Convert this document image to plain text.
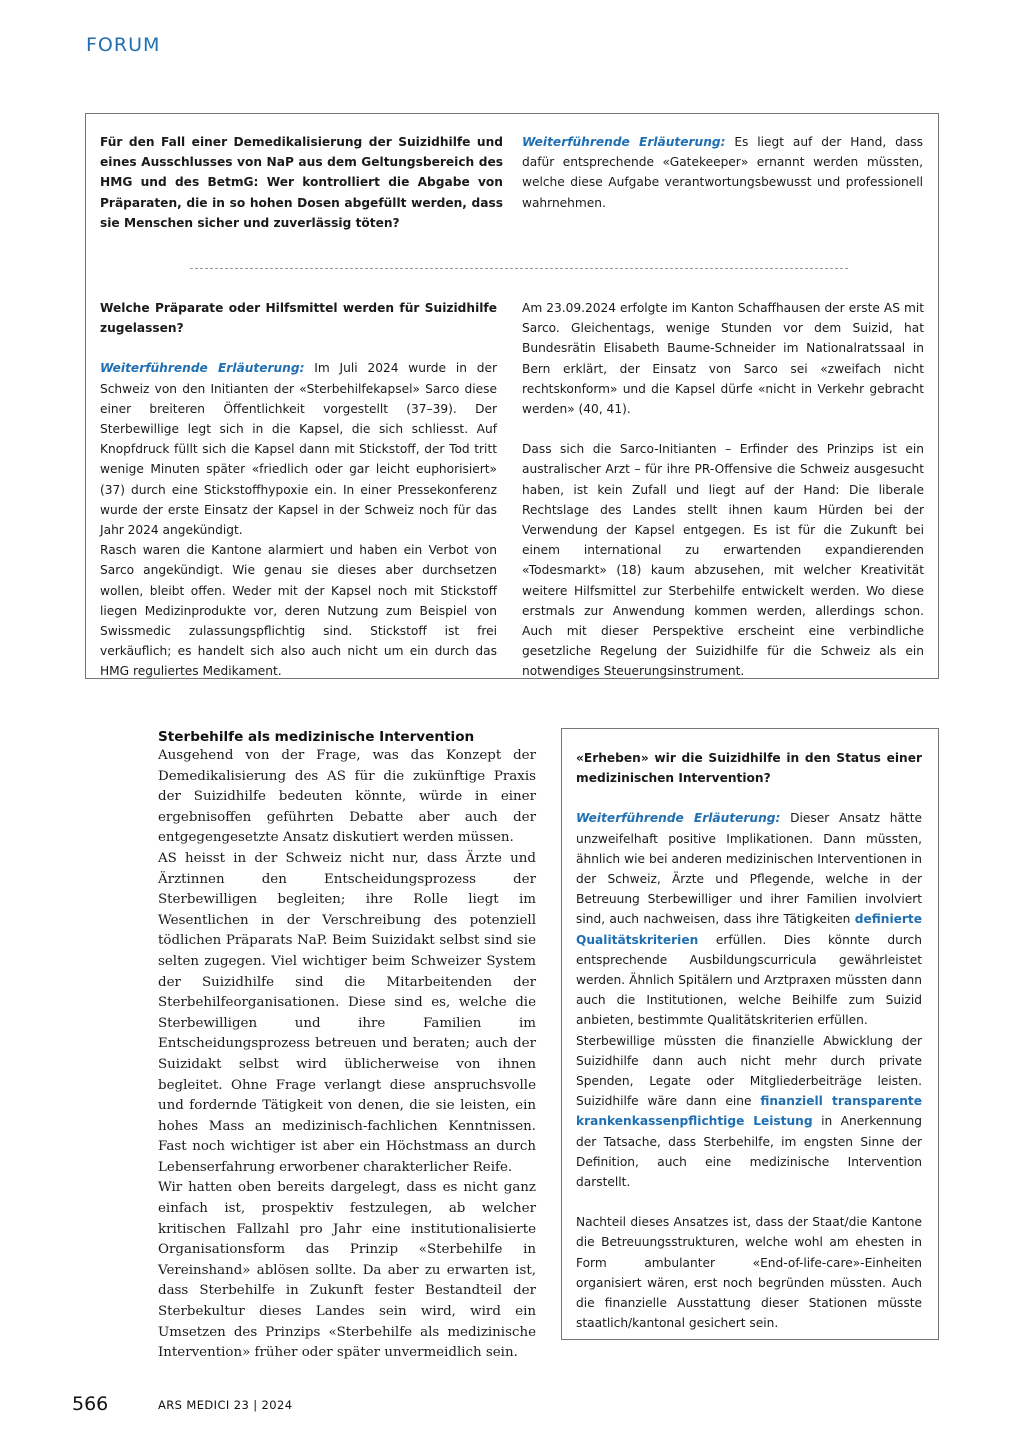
FORUM

Für den Fall einer Demedikalisierung der Suizidhilfe und eines Ausschlusses von NaP aus dem Geltungsbereich des HMG und des BetmG: Wer kontrolliert die Abgabe von Präparaten, die in so hohen Dosen abgefüllt werden, dass sie Menschen sicher und zuverlässig töten?

Weiterführende Erläuterung: Es liegt auf der Hand, dass dafür entsprechende «Gatekeeper» ernannt werden müssten, welche diese Aufgabe verantwortungsbewusst und professionell wahrnehmen.

Welche Präparate oder Hilfsmittel werden für Suizidhilfe zugelassen?

Weiterführende Erläuterung: Im Juli 2024 wurde in der Schweiz von den Initianten der «Sterbehilfekapsel» Sarco diese einer breiteren Öffentlichkeit vorgestellt (37–39). Der Sterbewillige legt sich in die Kapsel, die sich schliesst. Auf Knopfdruck füllt sich die Kapsel dann mit Stickstoff, der Tod tritt wenige Minuten später «friedlich oder gar leicht euphorisiert» (37) durch eine Stickstoffhypoxie ein. In einer Pressekonferenz wurde der erste Einsatz der Kapsel in der Schweiz noch für das Jahr 2024 angekündigt.

Rasch waren die Kantone alarmiert und haben ein Verbot von Sarco angekündigt. Wie genau sie dieses aber durchsetzen wollen, bleibt offen. Weder mit der Kapsel noch mit Stickstoff liegen Medizinprodukte vor, deren Nutzung zum Beispiel von Swissmedic zulassungspflichtig sind. Stickstoff ist frei verkäuflich; es handelt sich also auch nicht um ein durch das HMG reguliertes Medikament.

Am 23.09.2024 erfolgte im Kanton Schaffhausen der erste AS mit Sarco. Gleichentags, wenige Stunden vor dem Suizid, hat Bundesrätin Elisabeth Baume-Schneider im Nationalratssaal in Bern erklärt, der Einsatz von Sarco sei «zweifach nicht rechtskonform» und die Kapsel dürfe «nicht in Verkehr gebracht werden» (40, 41).

Dass sich die Sarco-Initianten – Erfinder des Prinzips ist ein australischer Arzt – für ihre PR-Offensive die Schweiz ausgesucht haben, ist kein Zufall und liegt auf der Hand: Die liberale Rechtslage des Landes stellt ihnen kaum Hürden bei der Verwendung der Kapsel entgegen. Es ist für die Zukunft bei einem international zu erwartenden expandierenden «Todesmarkt» (18) kaum abzusehen, mit welcher Kreativität weitere Hilfsmittel zur Sterbehilfe entwickelt werden. Wo diese erstmals zur Anwendung kommen werden, allerdings schon. Auch mit dieser Perspektive erscheint eine verbindliche gesetzliche Regelung der Suizidhilfe für die Schweiz als ein notwendiges Steuerungsinstrument.

Sterbehilfe als medizinische Intervention

Ausgehend von der Frage, was das Konzept der Demedikalisierung des AS für die zukünftige Praxis der Suizidhilfe bedeuten könnte, würde in einer ergebnisoffen geführten Debatte aber auch der entgegengesetzte Ansatz diskutiert werden müssen.

AS heisst in der Schweiz nicht nur, dass Ärzte und Ärztinnen den Entscheidungsprozess der Sterbewilligen begleiten; ihre Rolle liegt im Wesentlichen in der Verschreibung des potenziell tödlichen Präparats NaP. Beim Suizidakt selbst sind sie selten zugegen. Viel wichtiger beim Schweizer System der Suizidhilfe sind die Mitarbeitenden der Sterbehilfeorganisationen. Diese sind es, welche die Sterbewilligen und ihre Familien im Entscheidungsprozess betreuen und beraten; auch der Suizidakt selbst wird üblicherweise von ihnen begleitet. Ohne Frage verlangt diese anspruchsvolle und fordernde Tätigkeit von denen, die sie leisten, ein hohes Mass an medizinisch-fachlichen Kenntnissen. Fast noch wichtiger ist aber ein Höchstmass an durch Lebenserfahrung erworbener charakterlicher Reife.

Wir hatten oben bereits dargelegt, dass es nicht ganz einfach ist, prospektiv festzulegen, ab welcher kritischen Fallzahl pro Jahr eine institutionalisierte Organisationsform das Prinzip «Sterbehilfe in Vereinshand» ablösen sollte. Da aber zu erwarten ist, dass Sterbehilfe in Zukunft fester Bestandteil der Sterbekultur dieses Landes sein wird, wird ein Umsetzen des Prinzips «Sterbehilfe als medizinische Intervention» früher oder später unvermeidlich sein.

«Erheben» wir die Suizidhilfe in den Status einer medizinischen Intervention?

Weiterführende Erläuterung: Dieser Ansatz hätte unzweifelhaft positive Implikationen. Dann müssten, ähnlich wie bei anderen medizinischen Interventionen in der Schweiz, Ärzte und Pflegende, welche in der Betreuung Sterbewilliger und ihrer Familien involviert sind, auch nachweisen, dass ihre Tätigkeiten definierte Qualitätskriterien erfüllen. Dies könnte durch entsprechende Ausbildungscurricula gewährleistet werden. Ähnlich Spitälern und Arztpraxen müssten dann auch die Institutionen, welche Beihilfe zum Suizid anbieten, bestimmte Qualitätskriterien erfüllen.

Sterbewillige müssten die finanzielle Abwicklung der Suizidhilfe dann auch nicht mehr durch private Spenden, Legate oder Mitgliederbeiträge leisten. Suizidhilfe wäre dann eine finanziell transparente krankenkassenpflichtige Leistung in Anerkennung der Tatsache, dass Sterbehilfe, im engsten Sinne der Definition, auch eine medizinische Intervention darstellt.

Nachteil dieses Ansatzes ist, dass der Staat/die Kantone die Betreuungsstrukturen, welche wohl am ehesten in Form ambulanter «End-of-life-care»-Einheiten organisiert wären, erst noch begründen müssten. Auch die finanzielle Ausstattung dieser Stationen müsste staatlich/kantonal gesichert sein.

566	ARS MEDICI 23 | 2024
